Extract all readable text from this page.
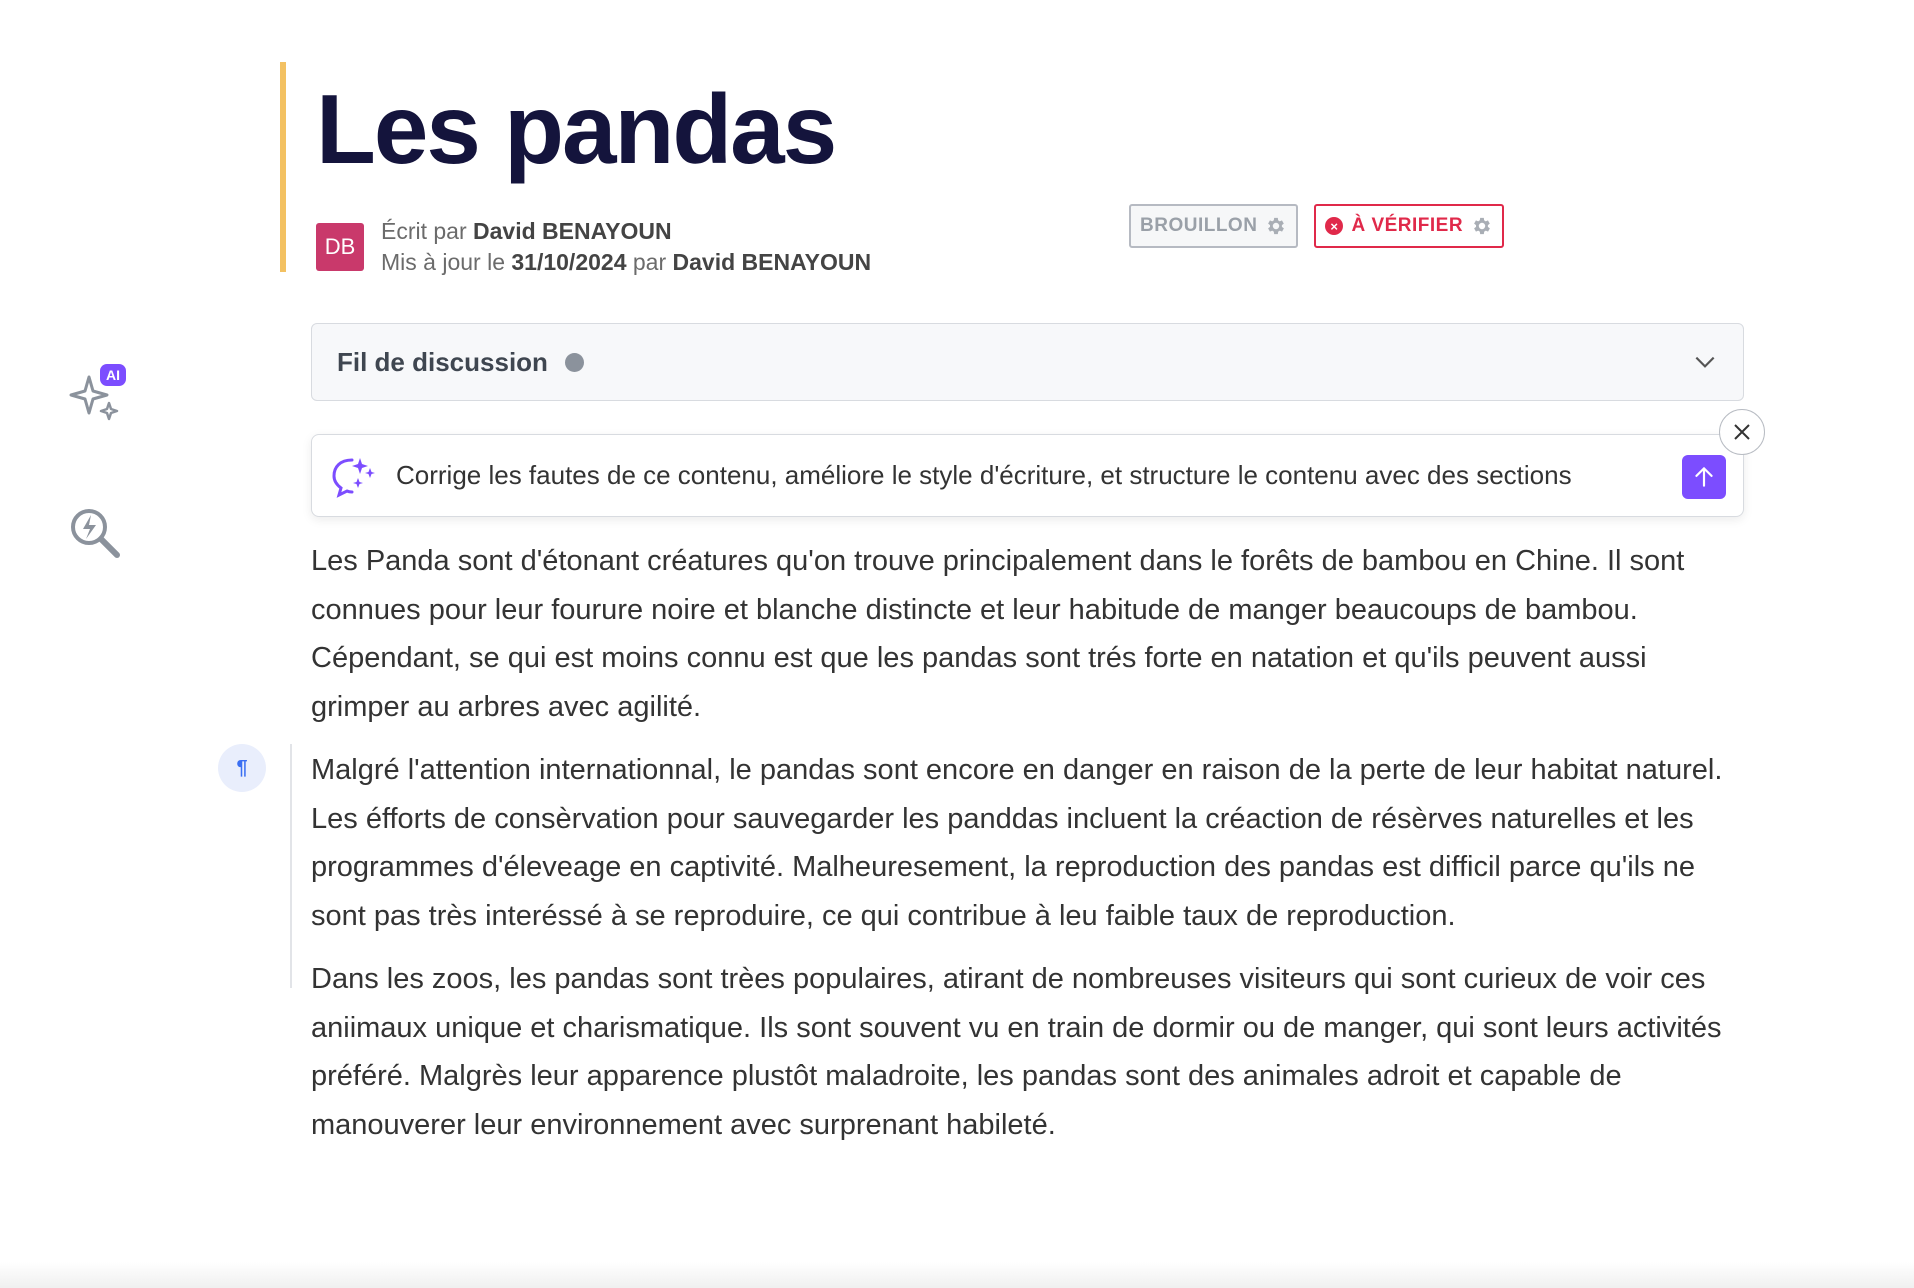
AI
Les pandas
DB
Écrit par David BENAYOUN
Mis à jour le 31/10/2024 par David BENAYOUN
BROUILLON	× À VÉRIFIER
Fil de discussion
Corrige les fautes de ce contenu, améliore le style d'écriture, et structure le contenu avec des sections
¶

Les Panda sont d'étonant créatures qu'on trouve principalement dans le forêts de bambou en Chine. Il sont connues pour leur fourure noire et blanche distincte et leur habitude de manger beaucoups de bambou. Cépendant, se qui est moins connu est que les pandas sont trés forte en natation et qu'ils peuvent aussi grimper au arbres avec agilité.

Malgré l'attention internationnal, le pandas sont encore en danger en raison de la perte de leur habitat naturel. Les éfforts de consèrvation pour sauvegarder les panddas incluent la créaction de résèrves naturelles et les programmes d'éleveage en captivité. Malheuresement, la reproduction des pandas est difficil parce qu'ils ne sont pas très interéssé à se reproduire, ce qui contribue à leu faible taux de reproduction.

Dans les zoos, les pandas sont trèes populaires, atirant de nombreuses visiteurs qui sont curieux de voir ces aniimaux unique et charismatique. Ils sont souvent vu en train de dormir ou de manger, qui sont leurs activités préféré. Malgrès leur apparence plustôt maladroite, les pandas sont des animales adroit et capable de manouverer leur environnement avec surprenant habileté.
